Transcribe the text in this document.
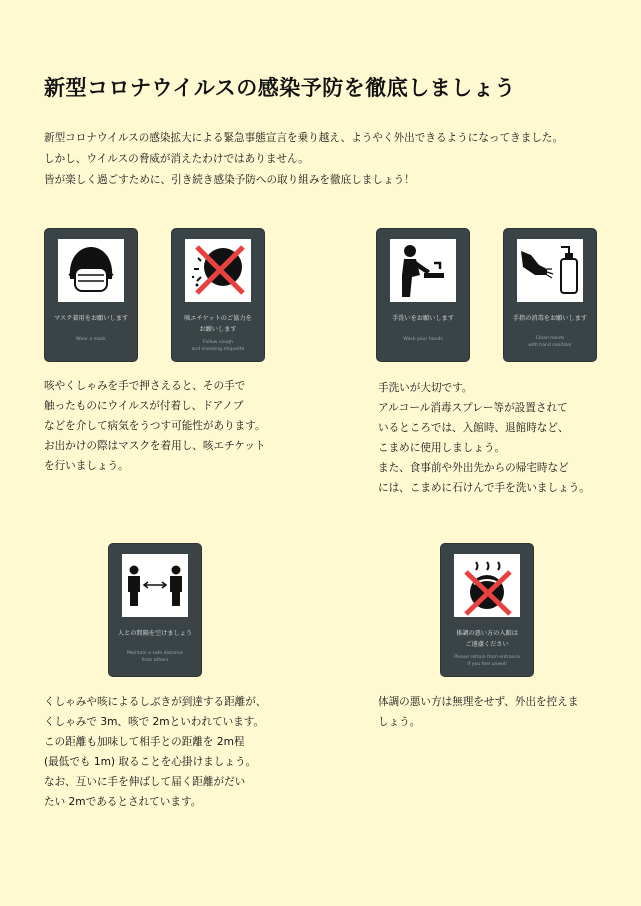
新型コロナウイルスの感染予防を徹底しましょう
新型コロナウイルスの感染拡大による緊急事態宣言を乗り越え、ようやく外出できるようになってきました。
しかし、ウイルスの脅威が消えたわけではありません。
皆が楽しく過ごすために、引き続き感染予防への取り組みを徹底しましょう！
マスク着用をお願いします
Wear a mask
咳エチケットのご協力を
お願いします
Follow cough
and sneezing etiquette
手洗いをお願いします
Wash your hands
手指の消毒をお願いします
Clean hands
with hand sanitizer
人との間隔を空けましょう
Maintain a safe distance
from others
体調の悪い方の入館は
ご遠慮ください
Please refrain from entrance
if you feel unwell
咳やくしゃみを手で押さえると、その手で
触ったものにウイルスが付着し、ドアノブ
などを介して病気をうつす可能性があります。
お出かけの際はマスクを着用し、咳エチケット
を行いましょう。
手洗いが大切です。
アルコール消毒スプレー等が設置されて
いるところでは、入館時、退館時など、
こまめに使用しましょう。
また、食事前や外出先からの帰宅時など
には、こまめに石けんで手を洗いましょう。
くしゃみや咳によるしぶきが到達する距離が、
くしゃみで 3m、咳で 2mといわれています。
この距離も加味して相手との距離を 2m程
(最低でも 1m) 取ることを心掛けましょう。
なお、互いに手を伸ばして届く距離がだい
たい 2mであるとされています。
体調の悪い方は無理をせず、外出を控えま
しょう。
